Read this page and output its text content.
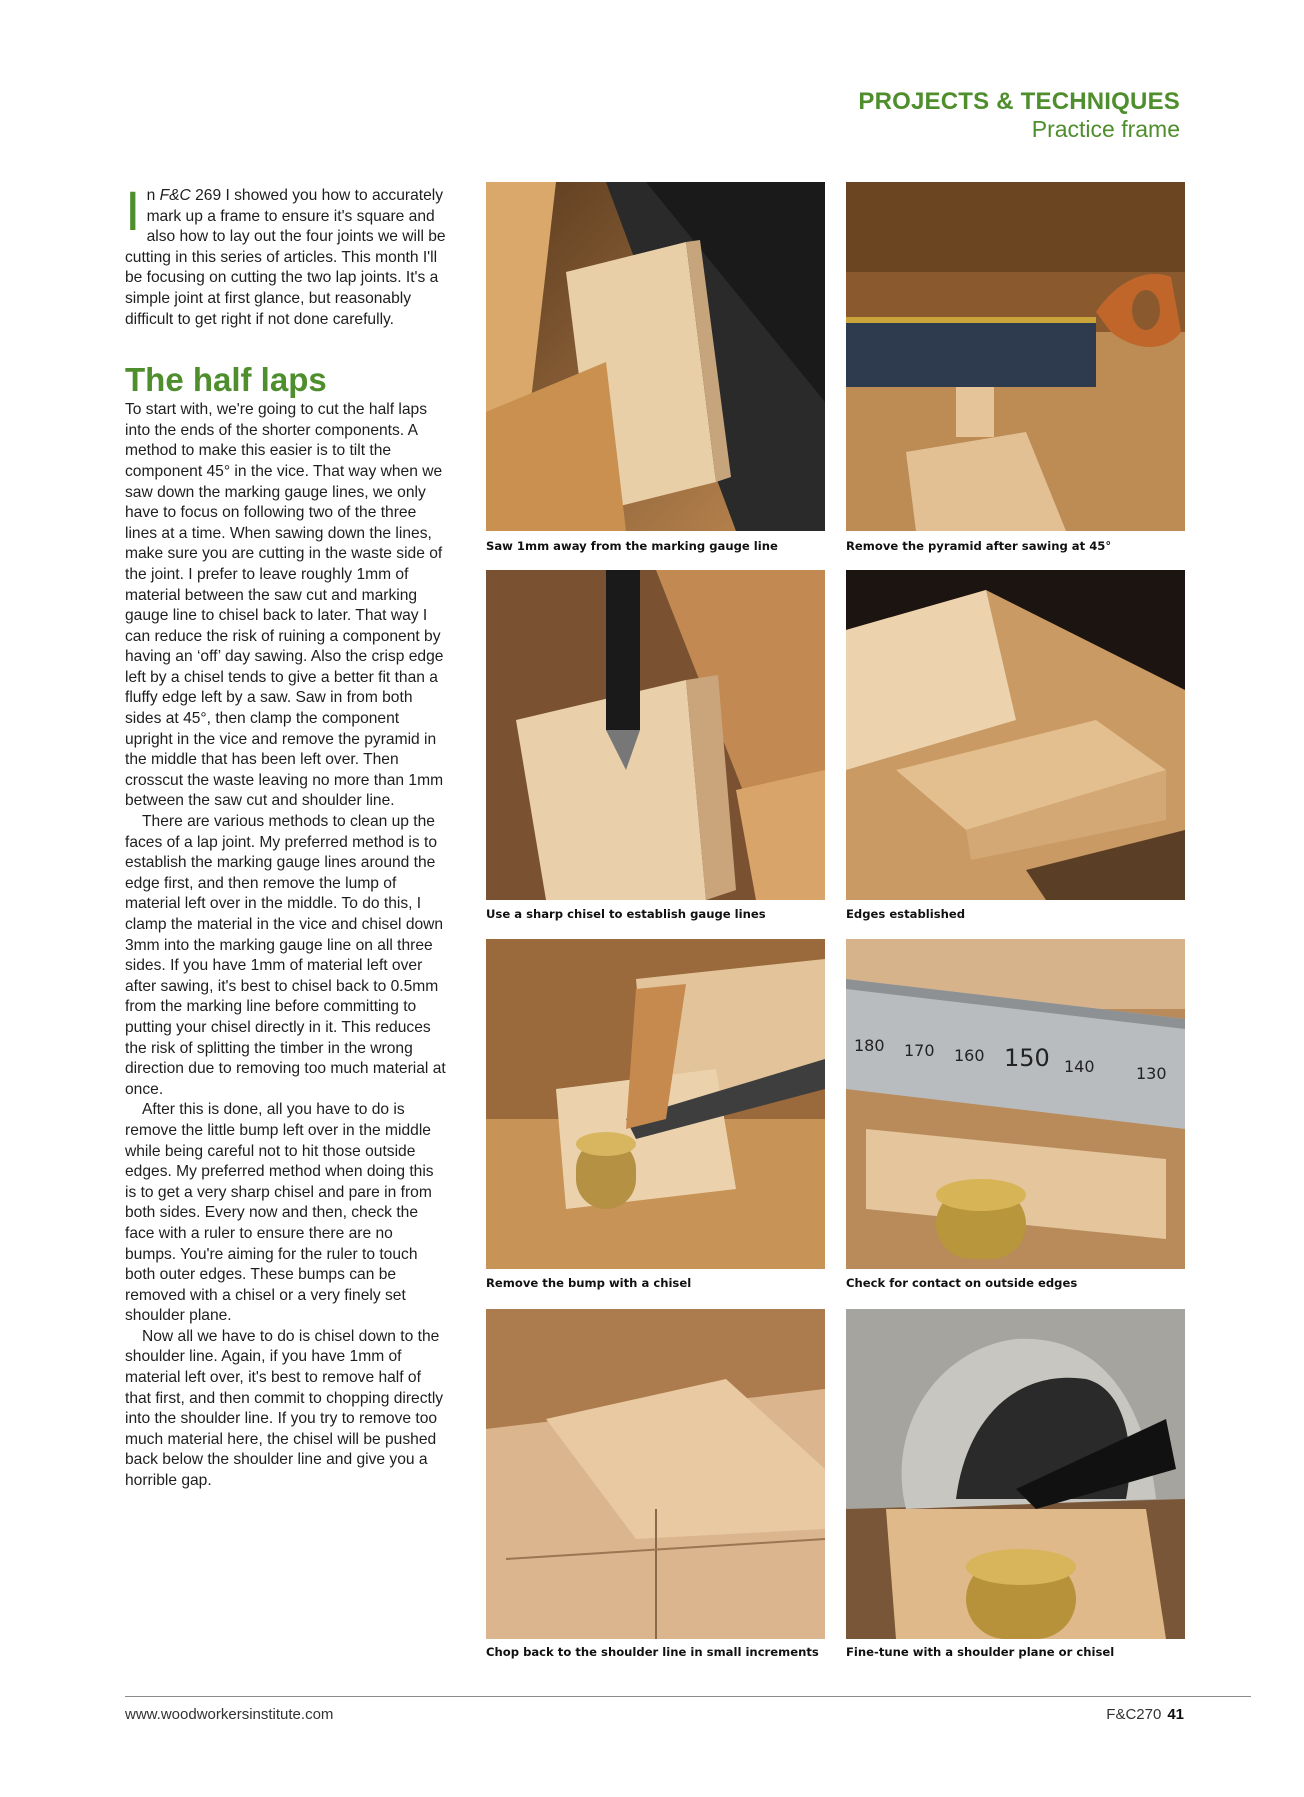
PROJECTS & TECHNIQUES
Practice frame

In F&C 269 I showed you how to accurately mark up a frame to ensure it's square and also how to lay out the four joints we will be cutting in this series of articles. This month I'll be focusing on cutting the two lap joints. It's a simple joint at first glance, but reasonably difficult to get right if not done carefully.

The half laps

To start with, we're going to cut the half laps into the ends of the shorter components. A method to make this easier is to tilt the component 45° in the vice. That way when we saw down the marking gauge lines, we only have to focus on following two of the three lines at a time. When sawing down the lines, make sure you are cutting in the waste side of the joint. I prefer to leave roughly 1mm of material between the saw cut and marking gauge line to chisel back to later. That way I can reduce the risk of ruining a component by having an ‘off’ day sawing. Also the crisp edge left by a chisel tends to give a better fit than a fluffy edge left by a saw. Saw in from both sides at 45°, then clamp the component upright in the vice and remove the pyramid in the middle that has been left over. Then crosscut the waste leaving no more than 1mm between the saw cut and shoulder line.

There are various methods to clean up the faces of a lap joint. My preferred method is to establish the marking gauge lines around the edge first, and then remove the lump of material left over in the middle. To do this, I clamp the material in the vice and chisel down 3mm into the marking gauge line on all three sides. If you have 1mm of material left over after sawing, it's best to chisel back to 0.5mm from the marking line before committing to putting your chisel directly in it. This reduces the risk of splitting the timber in the wrong direction due to removing too much material at once.

After this is done, all you have to do is remove the little bump left over in the middle while being careful not to hit those outside edges. My preferred method when doing this is to get a very sharp chisel and pare in from both sides. Every now and then, check the face with a ruler to ensure there are no bumps. You're aiming for the ruler to touch both outer edges. These bumps can be removed with a chisel or a very finely set shoulder plane.

Now all we have to do is chisel down to the shoulder line. Again, if you have 1mm of material left over, it's best to remove half of that first, and then commit to chopping directly into the shoulder line. If you try to remove too much material here, the chisel will be pushed back below the shoulder line and give you a horrible gap.

Saw 1mm away from the marking gauge line	Remove the pyramid after sawing at 45°
Use a sharp chisel to establish gauge lines	Edges established
Remove the bump with a chisel
180 170 160 150 140	130
Check for contact on outside edges
Chop back to the shoulder line in small increments Fine-tune with a shoulder plane or chisel
www.woodworkersinstitute.com	F&C270 41
